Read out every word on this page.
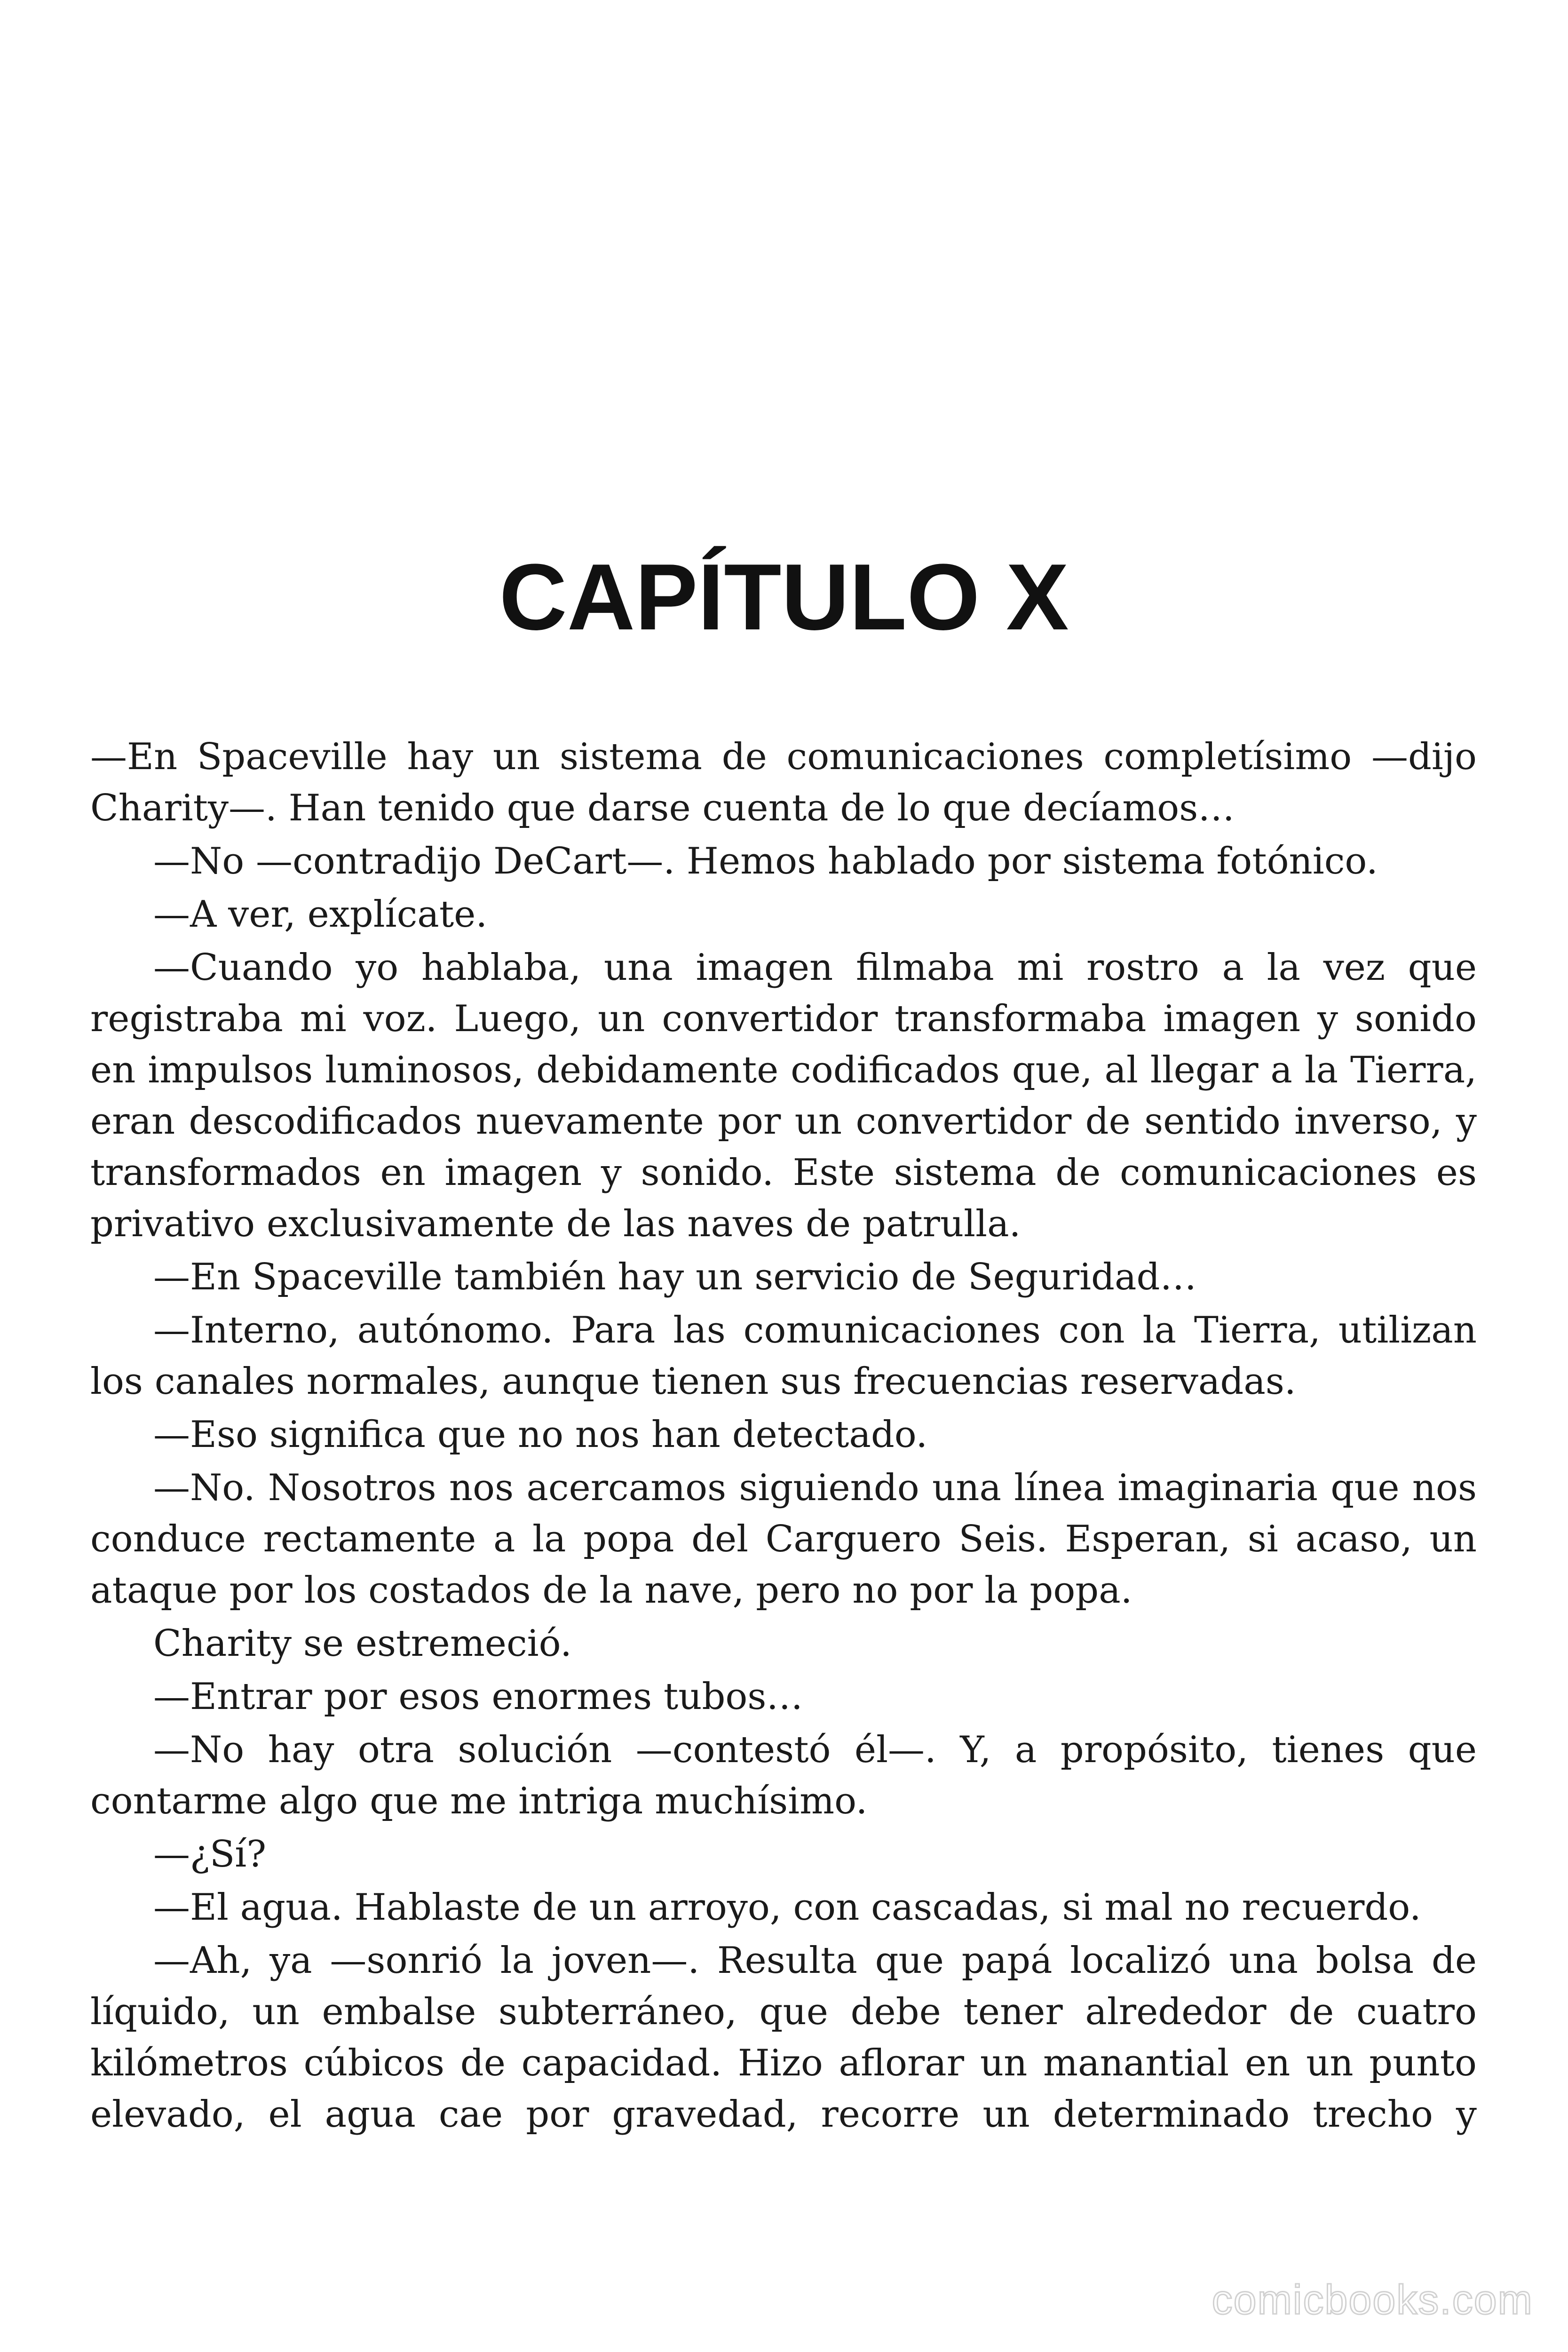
CAPÍTULO X

—En Spaceville hay un sistema de comunicaciones completísimo —dijo Charity—. Han tenido que darse cuenta de lo que decíamos…

—No —contradijo DeCart—. Hemos hablado por sistema fotónico.

—A ver, explícate.

—Cuando yo hablaba, una imagen filmaba mi rostro a la vez que registraba mi voz. Luego, un convertidor transformaba imagen y sonido en impulsos luminosos, debidamente codificados que, al llegar a la Tierra, eran descodificados nuevamente por un convertidor de sentido inverso, y transformados en imagen y sonido. Este sistema de comunicaciones es privativo exclusivamente de las naves de patrulla.

—En Spaceville también hay un servicio de Seguridad…

—Interno, autónomo. Para las comunicaciones con la Tierra, utilizan los canales normales, aunque tienen sus frecuencias reservadas.

—Eso significa que no nos han detectado.

—No. Nosotros nos acercamos siguiendo una línea imaginaria que nos conduce rectamente a la popa del Carguero Seis. Esperan, si acaso, un ataque por los costados de la nave, pero no por la popa.

Charity se estremeció.

—Entrar por esos enormes tubos…

—No hay otra solución —contestó él—. Y, a propósito, tienes que contarme algo que me intriga muchísimo.

—¿Sí?

—El agua. Hablaste de un arroyo, con cascadas, si mal no recuerdo.

—Ah, ya —sonrió la joven—. Resulta que papá localizó una bolsa de líquido, un embalse subterráneo, que debe tener alrededor de cuatro kilómetros cúbicos de capacidad. Hizo aflorar un manantial en un punto elevado, el agua cae por gravedad, recorre un determinado trecho y

comicbooks.com
